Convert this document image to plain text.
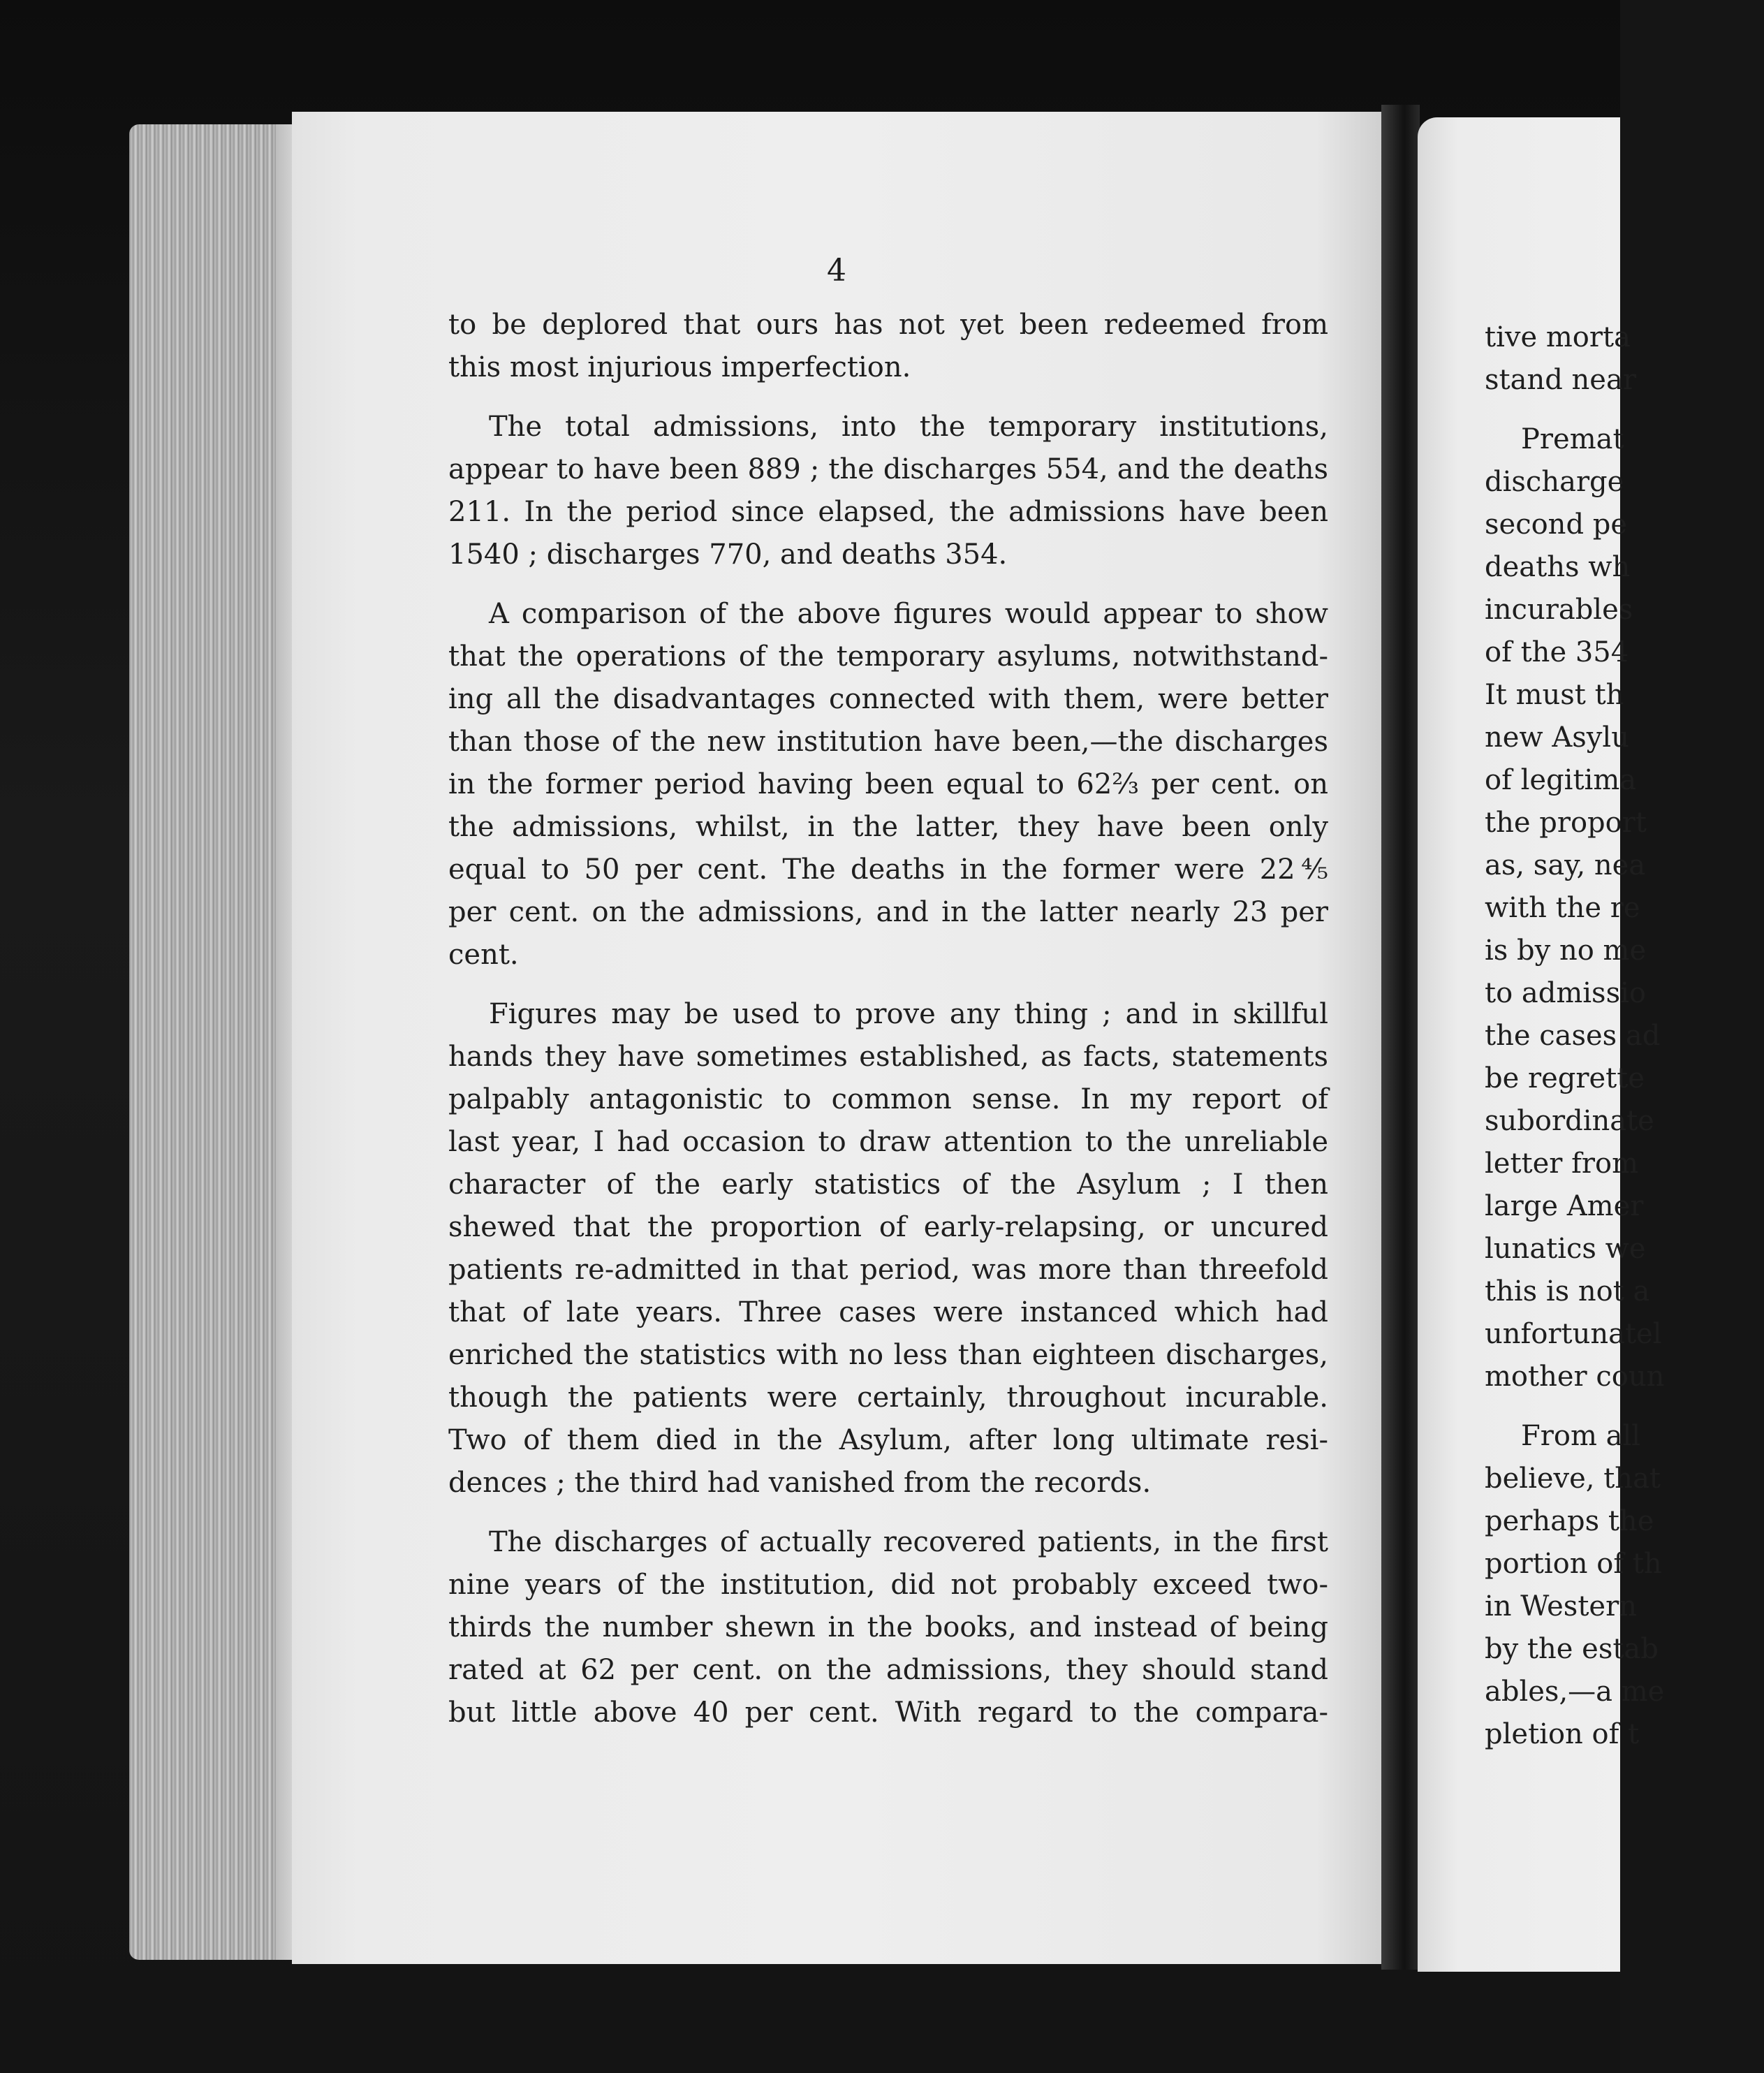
4
to be deplored that ours has not yet been redeemed from
this most injurious imperfection.
The total admissions, into the temporary institutions,
appear to have been 889 ; the discharges 554, and the deaths
211. In the period since elapsed, the admissions have been
1540 ; discharges 770, and deaths 354.
A comparison of the above figures would appear to show
that the operations of the temporary asylums, notwithstand-
ing all the disadvantages connected with them, were better
than those of the new institution have been,—the discharges
in the former period having been equal to 62⅔ per cent. on
the admissions, whilst, in the latter, they have been only
equal to 50 per cent. The deaths in the former were 22⅘
per cent. on the admissions, and in the latter nearly 23 per
cent.
Figures may be used to prove any thing ; and in skillful
hands they have sometimes established, as facts, statements
palpably antagonistic to common sense. In my report of
last year, I had occasion to draw attention to the unreliable
character of the early statistics of the Asylum ; I then
shewed that the proportion of early-relapsing, or uncured
patients re-admitted in that period, was more than threefold
that of late years. Three cases were instanced which had
enriched the statistics with no less than eighteen discharges,
though the patients were certainly, throughout incurable.
Two of them died in the Asylum, after long ultimate resi-
dences ; the third had vanished from the records.
The discharges of actually recovered patients, in the first
nine years of the institution, did not probably exceed two-
thirds the number shewn in the books, and instead of being
rated at 62 per cent. on the admissions, they should stand
but little above 40 per cent. With regard to the compara-
tive morta
stand near
Premat
discharge
second pe
deaths wh
incurables
of the 354
It must th
new Asylu
of legitima
the proport
as, say, nea
with the re
is by no me
to admissio
the cases ad
be regrette
subordinate
letter from
large Amer
lunatics we
this is not a
unfortunatel
mother coun
From all
believe, that
perhaps the
portion of th
in Western
by the estab
ables,—a me
pletion of t
